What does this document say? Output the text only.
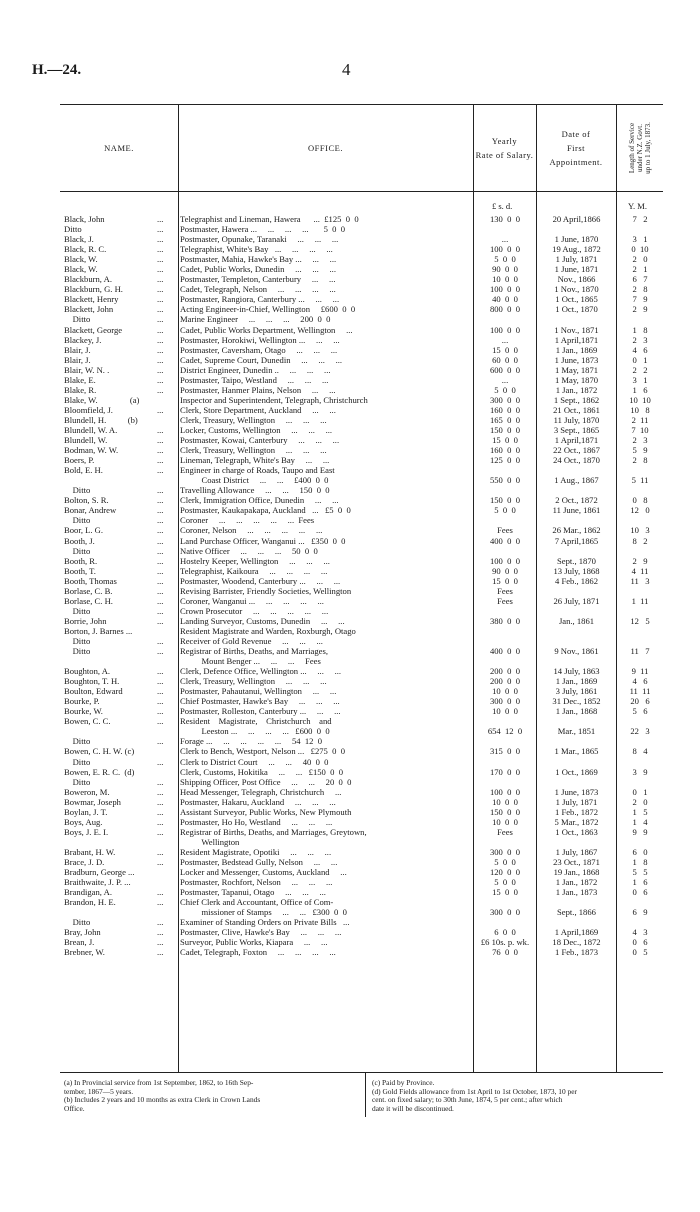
H.—24.	4
NAME.	OFFICE.
Yearly
Rate of Salary.
Date of
First
Appointment.	Length of Service under N.Z. Govt. up to 1 July, 1873.
£ s. d.	Y. M.
Black, John	... Telegraphist and Lineman, Hawera      ...  £125  0  0	130  0  0	20 April,1866	7   2
Ditto	... Postmaster, Hawera ...     ...     ...     ...       5  0  0
Black, J.	... Postmaster, Opunake, Taranaki     ...     ...     ...	...	1 June, 1870	3   1
Black, R. C.	... Telegraphist, White's Bay   ...     ...     ...     ...	100  0  0	19 Aug., 1872	0  10
Black, W.	... Postmaster, Mahia, Hawke's Bay ...     ...     ...	5  0  0	1 July, 1871	2   0
Black, W.	... Cadet, Public Works, Dunedin     ...     ...     ...	90  0  0	1 June, 1871	2   1
Blackburn, A.	... Postmaster, Templeton, Canterbury     ...     ...	10  0  0	Nov., 1866	6   7
Blackburn, G. H.	... Cadet, Telegraph, Nelson     ...     ...     ...     ...	100  0  0	1 Nov., 1870	2   8
Blackett, Henry	... Postmaster, Rangiora, Canterbury ...     ...     ...	40  0  0	1 Oct., 1865	7   9
Blackett, John	... Acting Engineer-in-Chief, Wellington     £600  0  0	800  0  0	1 Oct., 1870	2   9
Ditto	... Marine Engineer     ...     ...     ...     200  0  0
Blackett, George	... Cadet, Public Works Department, Wellington     ...	100  0  0	1 Nov., 1871	1   8
Blackey, J.	... Postmaster, Horokiwi, Wellington ...     ...     ...	...	1 April,1871	2   3
Blair, J.	... Postmaster, Caversham, Otago     ...     ...     ...	15  0  0	1 Jan., 1869	4   6
Blair, J.	... Cadet, Supreme Court, Dunedin     ...     ...     ...	60  0  0	1 June, 1873	0   1
Blair, W. N. .	... District Engineer, Dunedin ..     ...     ...     ...	600  0  0	1 May, 1871	2   2
Blake, E.	... Postmaster, Taipo, Westland     ...     ...     ...	...	1 May, 1870	3   1
Blake, R.	... Postmaster, Hanmer Plains, Nelson     ...     ...	5  0  0	1 Jan., 1872	1   6
Blake, W.               (a)	Inspector and Superintendent, Telegraph, Christchurch	300  0  0	1 Sept., 1862	10  10
Bloomfield, J.	... Clerk, Store Department, Auckland     ...     ...	160  0  0	21 Oct., 1861	10   8
Blundell, H.          (b)	Clerk, Treasury, Wellington     ...     ...     ...	165  0  0	11 July, 1870	2  11
Blundell, W. A.	... Locker, Customs, Wellington     ...     ...     ...	150  0  0	3 Sept., 1865	7  10
Blundell, W.	... Postmaster, Kowai, Canterbury     ...     ...     ...	15  0  0	1 April,1871	2   3
Bodman, W. W.	... Clerk, Treasury, Wellington     ...     ...     ...	160  0  0	22 Oct., 1867	5   9
Boers, P.	... Lineman, Telegraph, White's Bay     ...     ...	125  0  0	24 Oct., 1870	2   8
Bold, E. H.	... Engineer in charge of Roads, Taupo and East
Coast District     ...     ...     £400  0  0	550  0  0	1 Aug., 1867	5  11
Ditto	... Travelling Allowance     ...     ...     150  0  0
Bolton, S. R.	... Clerk, Immigration Office, Dunedin     ...     ...	150  0  0	2 Oct., 1872	0   8
Bonar, Andrew	... Postmaster, Kaukapakapa, Auckland   ...   £5  0  0	5  0  0	11 June, 1861	12   0
Ditto	... Coroner     ...     ...     ...     ...     ...  Fees
Boor, L. G.	... Coroner, Nelson     ...     ...     ...     ...     ...	Fees	26 Mar., 1862	10   3
Booth, J.	... Land Purchase Officer, Wanganui ...   £350  0  0	400  0  0	7 April,1865	8   2
Ditto	... Native Officer     ...     ...     ...     50  0  0
Booth, R.	... Hostelry Keeper, Wellington     ...     ...     ...	100  0  0	Sept., 1870	2   9
Booth, T.	... Telegraphist, Kaikoura     ...     ...     ...     ...	90  0  0	13 July, 1868	4  11
Booth, Thomas	... Postmaster, Woodend, Canterbury ...     ...     ...	15  0  0	4 Feb., 1862	11   3
Borlase, C. B.	... Revising Barrister, Friendly Societies, Wellington	Fees
Borlase, C. H.	... Coroner, Wanganui ...     ...     ...     ...     ...	Fees	26 July, 1871	1  11
Ditto	... Crown Prosecutor     ...     ...     ...     ...     ...
Borrie, John	... Landing Surveyor, Customs, Dunedin     ...     ...	380  0  0	Jan., 1861	12   5
Borton, J. Barnes ...	Resident Magistrate and Warden, Roxburgh, Otago
Ditto	... Receiver of Gold Revenue     ...     ...     ...
Ditto	... Registrar of Births, Deaths, and Marriages,	400  0  0	9 Nov., 1861	11   7
Mount Benger ...     ...     ...     Fees
Boughton, A.	... Clerk, Defence Office, Wellington ...     ...     ...	200  0  0	14 July, 1863	9  11
Boughton, T. H.	... Clerk, Treasury, Wellington     ...     ...     ...	200  0  0	1 Jan., 1869	4   6
Boulton, Edward	... Postmaster, Pahautanui, Wellington     ...     ...	10  0  0	3 July, 1861	11  11
Bourke, P.	... Chief Postmaster, Hawke's Bay     ...     ...     ...	300  0  0	31 Dec., 1852	20   6
Bourke, W.	... Postmaster, Rolleston, Canterbury ...     ...     ...	10  0  0	1 Jan., 1868	5   6
Bowen, C. C.	... Resident    Magistrate,    Christchurch    and
Leeston ...     ...     ...     ...   £600  0  0	654  12  0	Mar., 1851	22   3
Ditto	... Forage ...     ...     ...     ...     ...     54  12  0
Bowen, C. H. W. (c)	Clerk to Bench, Westport, Nelson ...   £275  0  0	315  0  0	1 Mar., 1865	8   4
Ditto	... Clerk to District Court     ...     ...     40  0  0
Bowen, E. R. C.  (d)	Clerk, Customs, Hokitika     ...     ...   £150  0  0	170  0  0	1 Oct., 1869	3   9
Ditto	... Shipping Officer, Post Office     ...     ...     20  0  0
Boweron, M.	... Head Messenger, Telegraph, Christchurch     ...	100  0  0	1 June, 1873	0   1
Bowmar, Joseph	... Postmaster, Hakaru, Auckland     ...     ...     ...	10  0  0	1 July, 1871	2   0
Boylan, J. T.	... Assistant Surveyor, Public Works, New Plymouth	150  0  0	1 Feb., 1872	1   5
Boys, Aug.	... Postmaster, Ho Ho, Westland     ...     ...     ...	10  0  0	5 Mar., 1872	1   4
Boys, J. E. I.	... Registrar of Births, Deaths, and Marriages, Greytown,	Fees	1 Oct., 1863	9   9
Wellington
Brabant, H. W.	... Resident Magistrate, Opotiki     ...     ...     ...	300  0  0	1 July, 1867	6   0
Brace, J. D.	... Postmaster, Bedstead Gully, Nelson     ...     ...	5  0  0	23 Oct., 1871	1   8
Bradburn, George ...	Locker and Messenger, Customs, Auckland     ...	120  0  0	19 Jan., 1868	5   5
Braithwaite, J. P. ...	Postmaster, Rochfort, Nelson     ...     ...     ...	5  0  0	1 Jan., 1872	1   6
Brandigan, A.	... Postmaster, Tapanui, Otago     ...     ...     ...	15  0  0	1 Jan., 1873	0   6
Brandon, H. E.	... Chief Clerk and Accountant, Office of Com-
missioner of Stamps     ...     ...   £300  0  0	300  0  0	Sept., 1866	6   9
Ditto	... Examiner of Standing Orders on Private Bills   ...
Bray, John	... Postmaster, Clive, Hawke's Bay     ...     ...     ...	6  0  0	1 April,1869	4   3
Brean, J.	... Surveyor, Public Works, Kiapara     ...     ...	£6 10s. p. wk.	18 Dec., 1872	0   6
Brebner, W.	... Cadet, Telegraph, Foxton     ...     ...     ...     ...	76  0  0	1 Feb., 1873	0   5
(a) In Provincial service from 1st September, 1862, to 16th Sep-
tember, 1867—5 years.
(b) Includes 2 years and 10 months as extra Clerk in Crown Lands
Office.
(c) Paid by Province.
(d) Gold Fields allowance from 1st April to 1st October, 1873, 10 per
cent. on fixed salary; to 30th June, 1874, 5 per cent.; after which
date it will be discontinued.
